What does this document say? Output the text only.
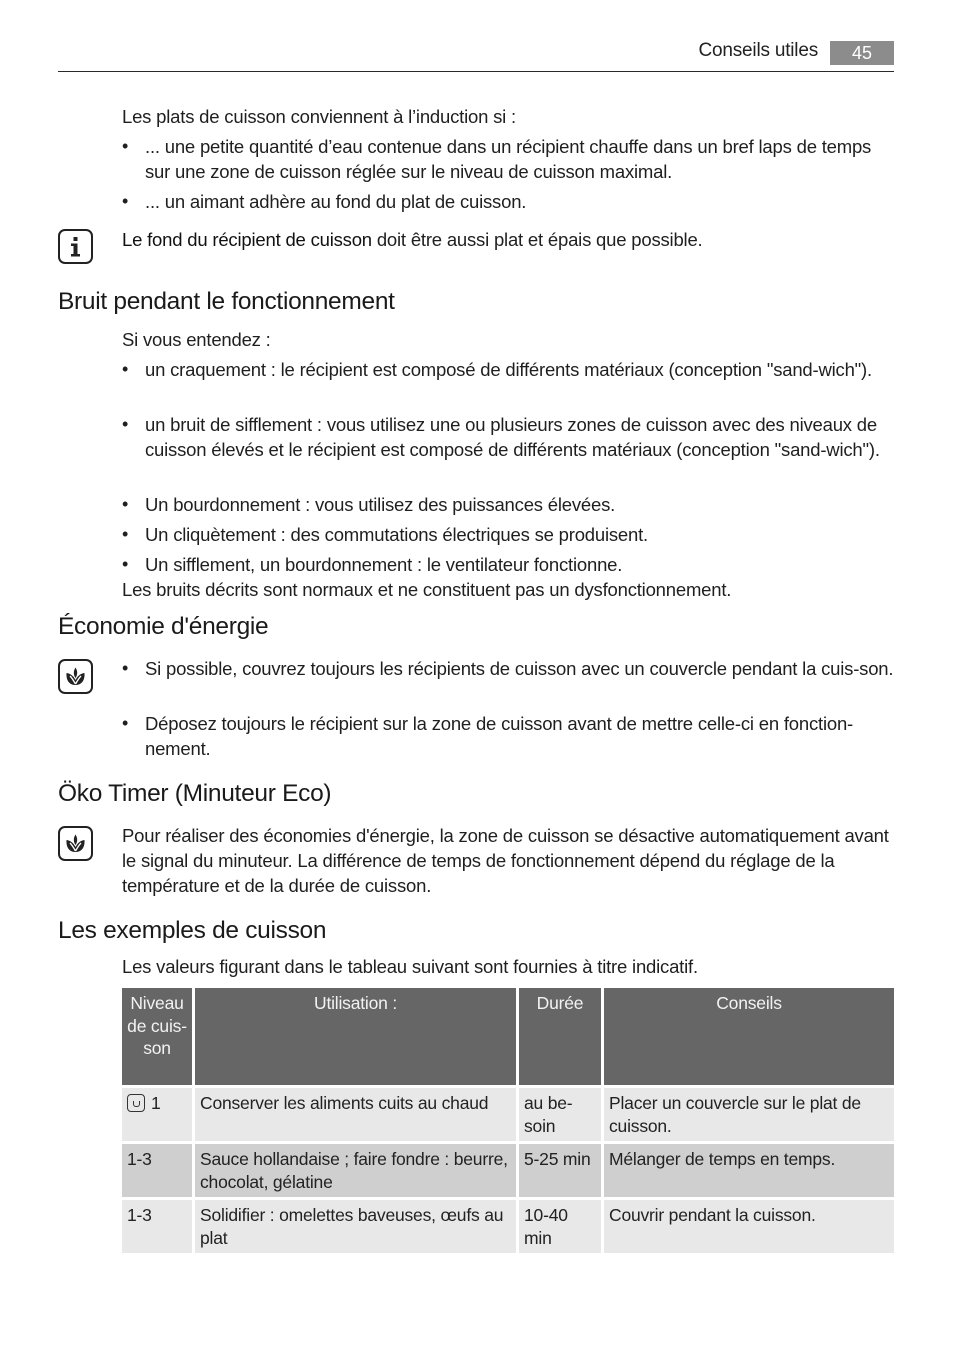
Conseils utiles	45
Les plats de cuisson conviennent à l’induction si :
• ... une petite quantité d’eau contenue dans un récipient chauffe dans un bref laps de temps sur une zone de cuisson réglée sur le niveau de cuisson maximal.
• ... un aimant adhère au fond du plat de cuisson.
Le fond du récipient de cuisson doit être aussi plat et épais que possible.
Bruit pendant le fonctionnement
Si vous entendez :
• un craquement : le récipient est composé de différents matériaux (conception "sand-wich").
• un bruit de sifflement : vous utilisez une ou plusieurs zones de cuisson avec des niveaux de cuisson élevés et le récipient est composé de différents matériaux (conception "sand-wich").
• Un bourdonnement : vous utilisez des puissances élevées.
• Un cliquètement : des commutations électriques se produisent.
• Un sifflement, un bourdonnement : le ventilateur fonctionne.
Les bruits décrits sont normaux et ne constituent pas un dysfonctionnement.
Économie d'énergie
• Si possible, couvrez toujours les récipients de cuisson avec un couvercle pendant la cuis-son.
• Déposez toujours le récipient sur la zone de cuisson avant de mettre celle-ci en fonction-nement.
Öko Timer (Minuteur Eco)
Pour réaliser des économies d'énergie, la zone de cuisson se désactive automatiquement avant le signal du minuteur. La différence de temps de fonctionnement dépend du réglage de la température et de la durée de cuisson.
Les exemples de cuisson
Les valeurs figurant dans le tableau suivant sont fournies à titre indicatif.
Niveau de cuis-son	Utilisation :	Durée	Conseils
1	Conserver les aliments cuits au chaud	au be-soin	Placer un couvercle sur le plat de cuisson.
1-3	Sauce hollandaise ; faire fondre : beurre, chocolat, gélatine	5-25 min	Mélanger de temps en temps.
1-3	Solidifier : omelettes baveuses, œufs au plat	10-40 min	Couvrir pendant la cuisson.
